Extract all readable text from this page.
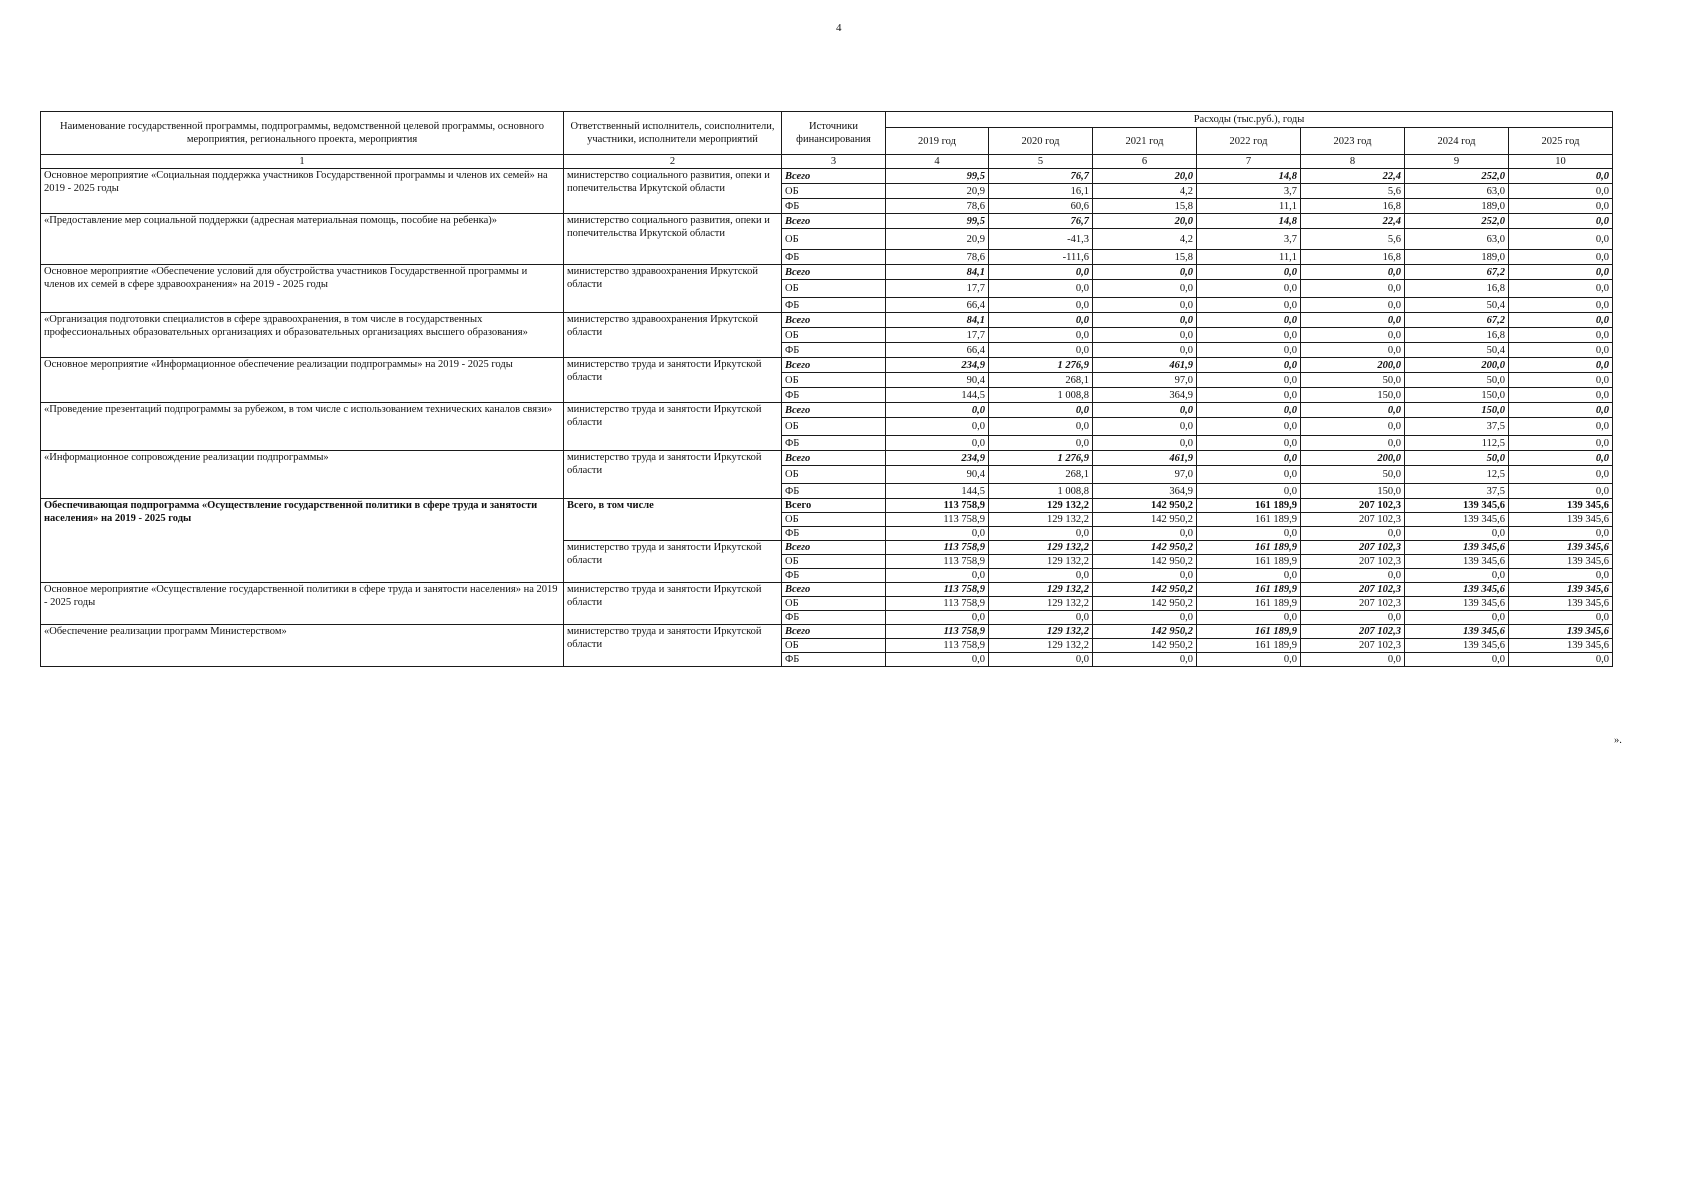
4
Наименование государственной программы, подпрограммы, ведомственной целевой программы, основного мероприятия, регионального проекта, мероприятия	Ответственный исполнитель, соисполнители, участники, исполнители мероприятий	Источники финансирования	Расходы (тыс.руб.), годы						
			2019 год	2020 год	2021 год	2022 год	2023 год	2024 год	2025 год
1	2	3	4	5	6	7	8	9	10
Основное мероприятие «Социальная поддержка участников Государственной программы и членов их семей» на 2019 - 2025 годы	министерство социального развития, опеки и попечительства Иркутской области	Всего	99,5	76,7	20,0	14,8	22,4	252,0	0,0
		ОБ	20,9	16,1	4,2	3,7	5,6	63,0	0,0
		ФБ	78,6	60,6	15,8	11,1	16,8	189,0	0,0
«Предоставление мер социальной поддержки (адресная материальная помощь, пособие на ребенка)»	министерство социального развития, опеки и попечительства Иркутской области	Всего	99,5	76,7	20,0	14,8	22,4	252,0	0,0
		ОБ	20,9	-41,3	4,2	3,7	5,6	63,0	0,0
		ФБ	78,6	-111,6	15,8	11,1	16,8	189,0	0,0
Основное мероприятие «Обеспечение условий для обустройства участников Государственной программы и членов их семей в сфере здравоохранения» на 2019 - 2025 годы	министерство здравоохранения Иркутской области	Всего	84,1	0,0	0,0	0,0	0,0	67,2	0,0
		ОБ	17,7	0,0	0,0	0,0	0,0	16,8	0,0
		ФБ	66,4	0,0	0,0	0,0	0,0	50,4	0,0
«Организация подготовки специалистов в сфере здравоохранения, в том числе в государственных профессиональных образовательных организациях и образовательных организациях высшего образования»	министерство здравоохранения Иркутской области	Всего	84,1	0,0	0,0	0,0	0,0	67,2	0,0
		ОБ	17,7	0,0	0,0	0,0	0,0	16,8	0,0
		ФБ	66,4	0,0	0,0	0,0	0,0	50,4	0,0
Основное мероприятие «Информационное обеспечение реализации подпрограммы» на 2019 - 2025 годы	министерство труда и занятости Иркутской области	Всего	234,9	1 276,9	461,9	0,0	200,0	200,0	0,0
		ОБ	90,4	268,1	97,0	0,0	50,0	50,0	0,0
		ФБ	144,5	1 008,8	364,9	0,0	150,0	150,0	0,0
«Проведение презентаций подпрограммы за рубежом, в том числе с использованием технических каналов связи»	министерство труда и занятости Иркутской области	Всего	0,0	0,0	0,0	0,0	0,0	150,0	0,0
		ОБ	0,0	0,0	0,0	0,0	0,0	37,5	0,0
		ФБ	0,0	0,0	0,0	0,0	0,0	112,5	0,0
«Информационное сопровождение реализации подпрограммы»	министерство труда и занятости Иркутской области	Всего	234,9	1 276,9	461,9	0,0	200,0	50,0	0,0
		ОБ	90,4	268,1	97,0	0,0	50,0	12,5	0,0
		ФБ	144,5	1 008,8	364,9	0,0	150,0	37,5	0,0
Обеспечивающая подпрограмма «Осуществление государственной политики в сфере труда и занятости населения» на 2019 - 2025 годы	Всего, в том числе	Всего	113 758,9	129 132,2	142 950,2	161 189,9	207 102,3	139 345,6	139 345,6
		ОБ	113 758,9	129 132,2	142 950,2	161 189,9	207 102,3	139 345,6	139 345,6
		ФБ	0,0	0,0	0,0	0,0	0,0	0,0	0,0
	министерство труда и занятости Иркутской области	Всего	113 758,9	129 132,2	142 950,2	161 189,9	207 102,3	139 345,6	139 345,6
		ОБ	113 758,9	129 132,2	142 950,2	161 189,9	207 102,3	139 345,6	139 345,6
		ФБ	0,0	0,0	0,0	0,0	0,0	0,0	0,0
Основное мероприятие «Осуществление государственной политики в сфере труда и занятости населения» на 2019 - 2025 годы	министерство труда и занятости Иркутской области	Всего	113 758,9	129 132,2	142 950,2	161 189,9	207 102,3	139 345,6	139 345,6
		ОБ	113 758,9	129 132,2	142 950,2	161 189,9	207 102,3	139 345,6	139 345,6
		ФБ	0,0	0,0	0,0	0,0	0,0	0,0	0,0
«Обеспечение реализации программ Министерством»	министерство труда и занятости Иркутской области	Всего	113 758,9	129 132,2	142 950,2	161 189,9	207 102,3	139 345,6	139 345,6
		ОБ	113 758,9	129 132,2	142 950,2	161 189,9	207 102,3	139 345,6	139 345,6
		ФБ	0,0	0,0	0,0	0,0	0,0	0,0	0,0
».
